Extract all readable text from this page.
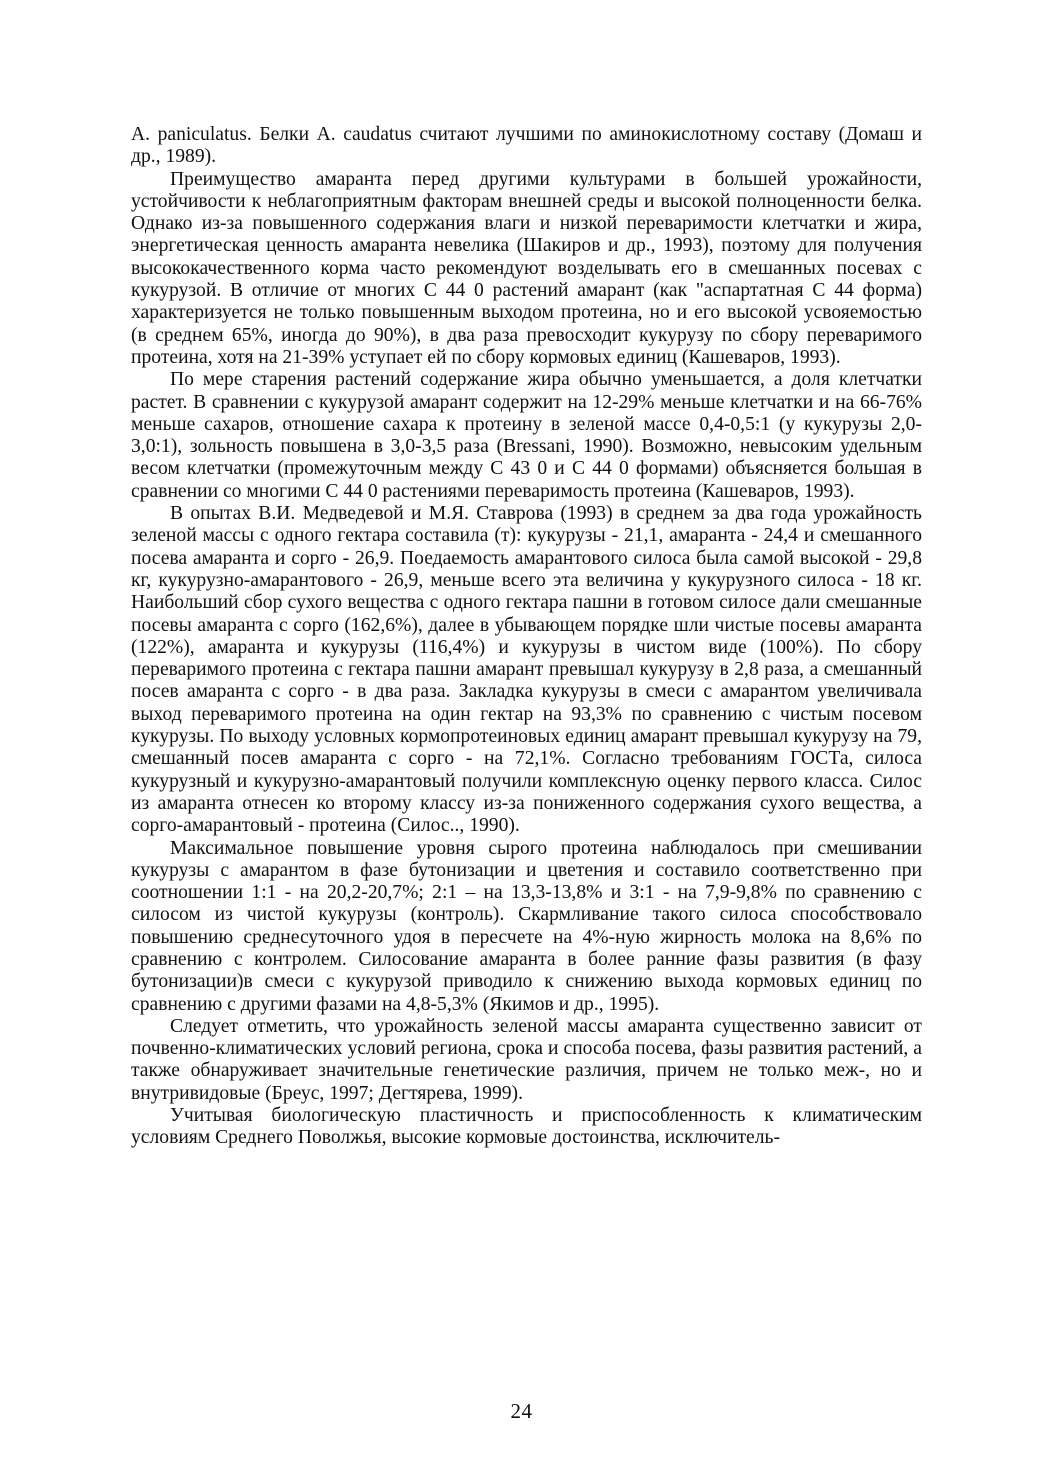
A. paniculatus. Белки A. caudatus считают лучшими по аминокислотному составу (Домаш и др., 1989).

Преимущество амаранта перед другими культурами в большей урожайности, устойчивости к неблагоприятным факторам внешней среды и высокой полноценности белка. Однако из-за повышенного содержания влаги и низкой переваримости клетчатки и жира, энергетическая ценность амаранта невелика (Шакиров и др., 1993), поэтому для получения высококачественного корма часто рекомендуют возделывать его в смешанных посевах с кукурузой. В отличие от многих С 44 0 растений амарант (как "аспартатная С 44 форма) характеризуется не только повышенным выходом протеина, но и его высокой усвояемостью (в среднем 65%, иногда до 90%), в два раза превосходит кукурузу по сбору переваримого протеина, хотя на 21-39% уступает ей по сбору кормовых единиц (Кашеваров, 1993).

По мере старения растений содержание жира обычно уменьшается, а доля клетчатки растет. В сравнении с кукурузой амарант содержит на 12-29% меньше клетчатки и на 66-76% меньше сахаров, отношение сахара к протеину в зеленой массе 0,4-0,5:1 (у кукурузы 2,0-3,0:1), зольность повышена в 3,0-3,5 раза (Bressani, 1990). Возможно, невысоким удельным весом клетчатки (промежуточным между С 43 0 и С 44 0 формами) объясняется большая в сравнении со многими С 44 0 растениями переваримость протеина (Кашеваров, 1993).

В опытах В.И. Медведевой и М.Я. Ставрова (1993) в среднем за два года урожайность зеленой массы с одного гектара составила (т): кукурузы - 21,1, амаранта - 24,4 и смешанного посева амаранта и сорго - 26,9. Поедаемость амарантового силоса была самой высокой - 29,8 кг, кукурузно-амарантового - 26,9, меньше всего эта величина у кукурузного силоса - 18 кг. Наибольший сбор сухого вещества с одного гектара пашни в готовом силосе дали смешанные посевы амаранта с сорго (162,6%), далее в убывающем порядке шли чистые посевы амаранта (122%), амаранта и кукурузы (116,4%) и кукурузы в чистом виде (100%). По сбору переваримого протеина с гектара пашни амарант превышал кукурузу в 2,8 раза, а смешанный посев амаранта с сорго - в два раза. Закладка кукурузы в смеси с амарантом увеличивала выход переваримого протеина на один гектар на 93,3% по сравнению с чистым посевом кукурузы. По выходу условных кормопротеиновых единиц амарант превышал кукурузу на 79, смешанный посев амаранта с сорго - на 72,1%. Согласно требованиям ГОСТа, силоса кукурузный и кукурузно-амарантовый получили комплексную оценку первого класса. Силос из амаранта отнесен ко второму классу из-за пониженного содержания сухого вещества, а сорго-амарантовый - протеина (Силос.., 1990).

Максимальное повышение уровня сырого протеина наблюдалось при смешивании кукурузы с амарантом в фазе бутонизации и цветения и составило соответственно при соотношении 1:1 - на 20,2-20,7%; 2:1 – на 13,3-13,8% и 3:1 - на 7,9-9,8% по сравнению с силосом из чистой кукурузы (контроль). Скармливание такого силоса способствовало повышению среднесуточного удоя в пересчете на 4%-ную жирность молока на 8,6% по сравнению с контролем. Силосование амаранта в более ранние фазы развития (в фазу бутонизации)в смеси с кукурузой приводило к снижению выхода кормовых единиц по сравнению с другими фазами на 4,8-5,3% (Якимов и др., 1995).

Следует отметить, что урожайность зеленой массы амаранта существенно зависит от почвенно-климатических условий региона, срока и способа посева, фазы развития растений, а также обнаруживает значительные генетические различия, причем не только меж-, но и внутривидовые (Бреус, 1997; Дегтярева, 1999).

Учитывая биологическую пластичность и приспособленность к климатическим условиям Среднего Поволжья, высокие кормовые достоинства, исключитель-

24
